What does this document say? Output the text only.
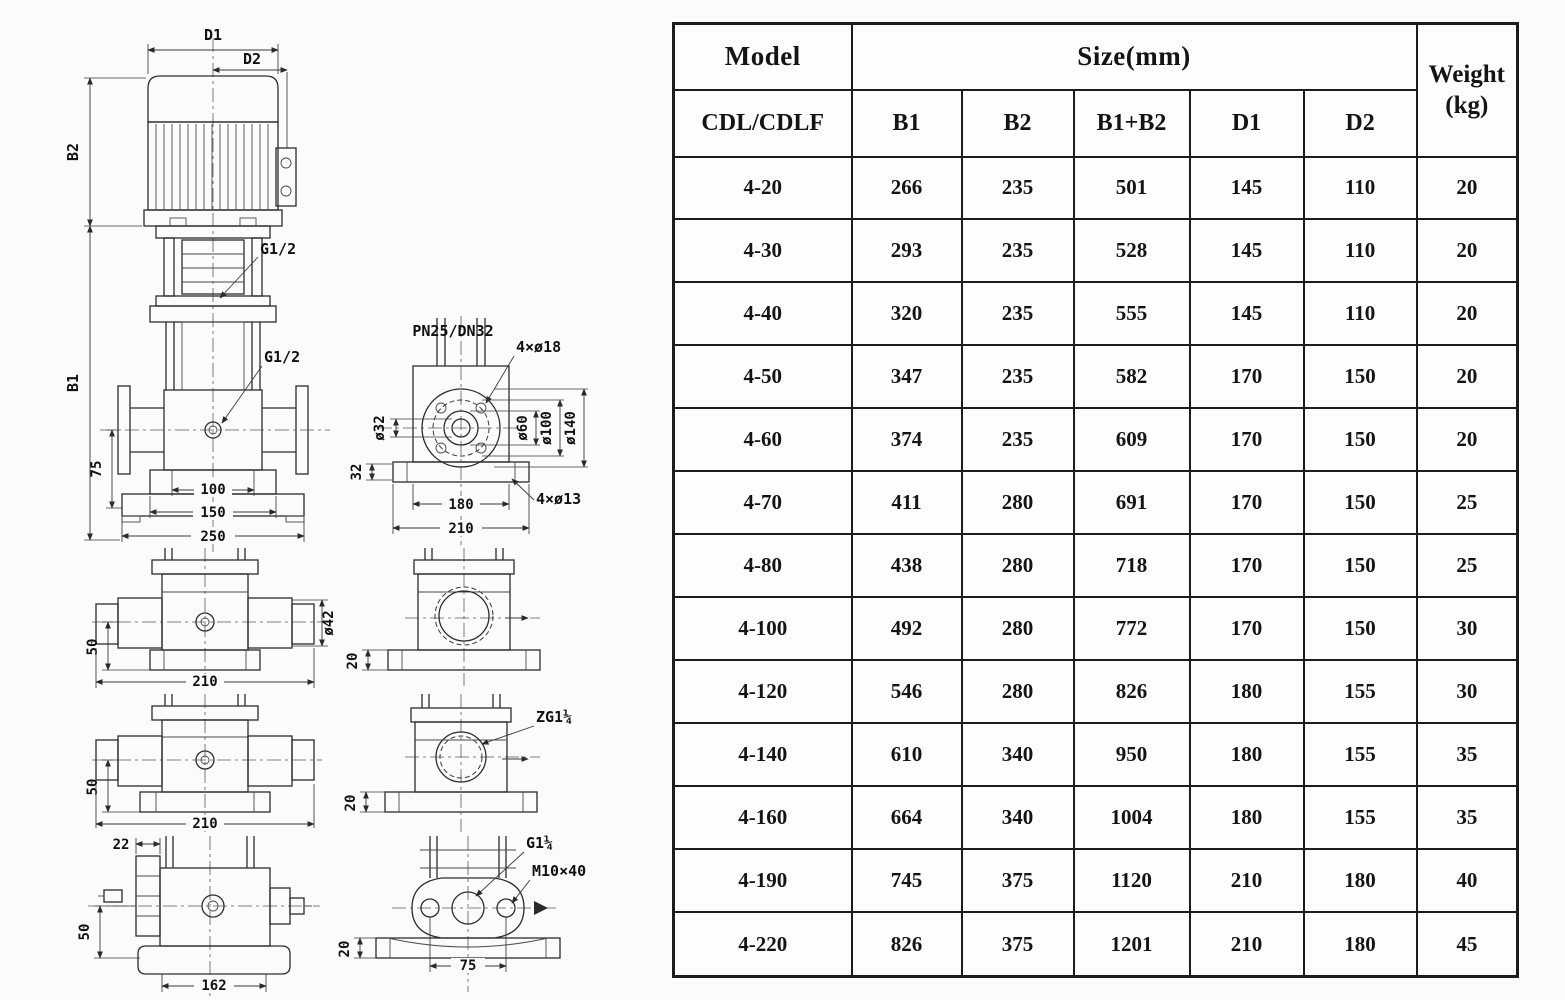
D1
D2
B2
B1
G1/2
G1/2
75
100
150
250
PN25/DN32
4×ø18
ø32	ø60 ø100 ø140
32
180
210
4×ø13
50
210
ø42
20
50
210
ZG1¼
20
22
50
162
G1¼
M10×40
75
20
Model	Size(mm)					Weight
(kg)

CDL/CDLF	B1	B2	B1+B2	D1	D2	
4-20	266	235	501	145	110	20
4-30	293	235	528	145	110	20
4-40	320	235	555	145	110	20
4-50	347	235	582	170	150	20
4-60	374	235	609	170	150	20
4-70	411	280	691	170	150	25
4-80	438	280	718	170	150	25
4-100	492	280	772	170	150	30
4-120	546	280	826	180	155	30
4-140	610	340	950	180	155	35
4-160	664	340	1004	180	155	35
4-190	745	375	1120	210	180	40
4-220	826	375	1201	210	180	45
